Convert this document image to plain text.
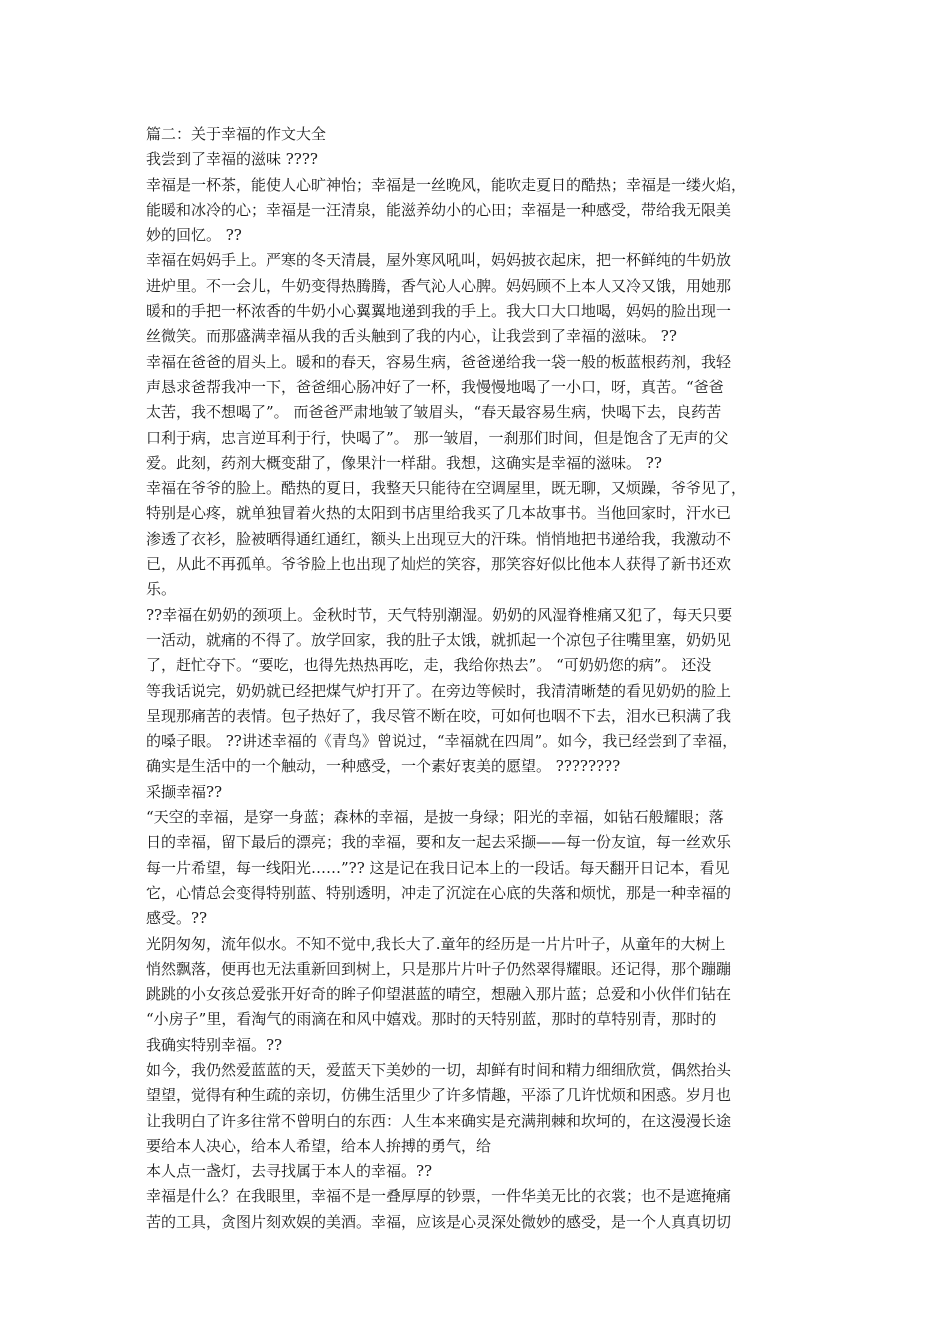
篇二：关于幸福的作文大全
我尝到了幸福的滋味 ????
幸福是一杯茶，能使人心旷神怡；幸福是一丝晚风，能吹走夏日的酷热；幸福是一缕火焰，
能暖和冰冷的心；幸福是一汪清泉，能滋养幼小的心田；幸福是一种感受，带给我无限美
妙的回忆。 ??
幸福在妈妈手上。严寒的冬天清晨，屋外寒风吼叫，妈妈披衣起床，把一杯鲜纯的牛奶放
进炉里。不一会儿，牛奶变得热腾腾，香气沁人心脾。妈妈顾不上本人又冷又饿，用她那
暖和的手把一杯浓香的牛奶小心翼翼地递到我的手上。我大口大口地喝，妈妈的脸出现一
丝微笑。而那盛满幸福从我的舌头触到了我的内心，让我尝到了幸福的滋味。 ??
幸福在爸爸的眉头上。暖和的春天，容易生病，爸爸递给我一袋一般的板蓝根药剂，我轻
声恳求爸帮我冲一下，爸爸细心肠冲好了一杯，我慢慢地喝了一小口，呀，真苦。“爸爸
太苦，我不想喝了”。 而爸爸严肃地皱了皱眉头，“春天最容易生病，快喝下去，良药苦
口利于病，忠言逆耳利于行，快喝了”。 那一皱眉，一刹那们时间，但是饱含了无声的父
爱。此刻，药剂大概变甜了，像果汁一样甜。我想，这确实是幸福的滋味。 ??
幸福在爷爷的脸上。酷热的夏日，我整天只能待在空调屋里，既无聊，又烦躁，爷爷见了，
特别是心疼，就单独冒着火热的太阳到书店里给我买了几本故事书。当他回家时，汗水已
渗透了衣衫，脸被晒得通红通红，额头上出现豆大的汗珠。悄悄地把书递给我，我激动不
已，从此不再孤单。爷爷脸上也出现了灿烂的笑容，那笑容好似比他本人获得了新书还欢
乐。
??幸福在奶奶的颈项上。金秋时节，天气特别潮湿。奶奶的风湿脊椎痛又犯了，每天只要
一活动，就痛的不得了。放学回家，我的肚子太饿，就抓起一个凉包子往嘴里塞，奶奶见
了，赶忙夺下。“要吃，也得先热热再吃，走，我给你热去”。 “可奶奶您的病”。 还没
等我话说完，奶奶就已经把煤气炉打开了。在旁边等候时，我清清晰楚的看见奶奶的脸上
呈现那痛苦的表情。包子热好了，我尽管不断在咬，可如何也咽不下去，泪水已积满了我
的嗓子眼。 ??讲述幸福的《青鸟》曾说过，“幸福就在四周”。如今，我已经尝到了幸福，
确实是生活中的一个触动，一种感受，一个素好衷美的愿望。 ????????
采撷幸福??
“天空的幸福，是穿一身蓝；森林的幸福，是披一身绿；阳光的幸福，如钻石般耀眼；落
日的幸福，留下最后的漂亮；我的幸福，要和友一起去采撷——每一份友谊，每一丝欢乐
每一片希望，每一线阳光……”?? 这是记在我日记本上的一段话。每天翻开日记本，看见
它，心情总会变得特别蓝、特别透明，冲走了沉淀在心底的失落和烦忧，那是一种幸福的
感受。??
光阴匆匆，流年似水。不知不觉中,我长大了.童年的经历是一片片叶子，从童年的大树上
悄然飘落，便再也无法重新回到树上，只是那片片叶子仍然翠得耀眼。还记得，那个蹦蹦
跳跳的小女孩总爱张开好奇的眸子仰望湛蓝的晴空，想融入那片蓝；总爱和小伙伴们钻在
“小房子”里，看淘气的雨滴在和风中嬉戏。那时的天特别蓝，那时的草特别青，那时的
我确实特别幸福。??
如今，我仍然爱蓝蓝的天，爱蓝天下美妙的一切，却鲜有时间和精力细细欣赏，偶然抬头
望望，觉得有种生疏的亲切，仿佛生活里少了许多情趣，平添了几许忧烦和困惑。岁月也
让我明白了许多往常不曾明白的东西：人生本来确实是充满荆棘和坎坷的，在这漫漫长途
要给本人决心，给本人希望，给本人拚搏的勇气，给
本人点一盏灯，去寻找属于本人的幸福。??
幸福是什么？在我眼里，幸福不是一叠厚厚的钞票，一件华美无比的衣裳；也不是遮掩痛
苦的工具，贪图片刻欢娱的美酒。幸福，应该是心灵深处微妙的感受，是一个人真真切切
